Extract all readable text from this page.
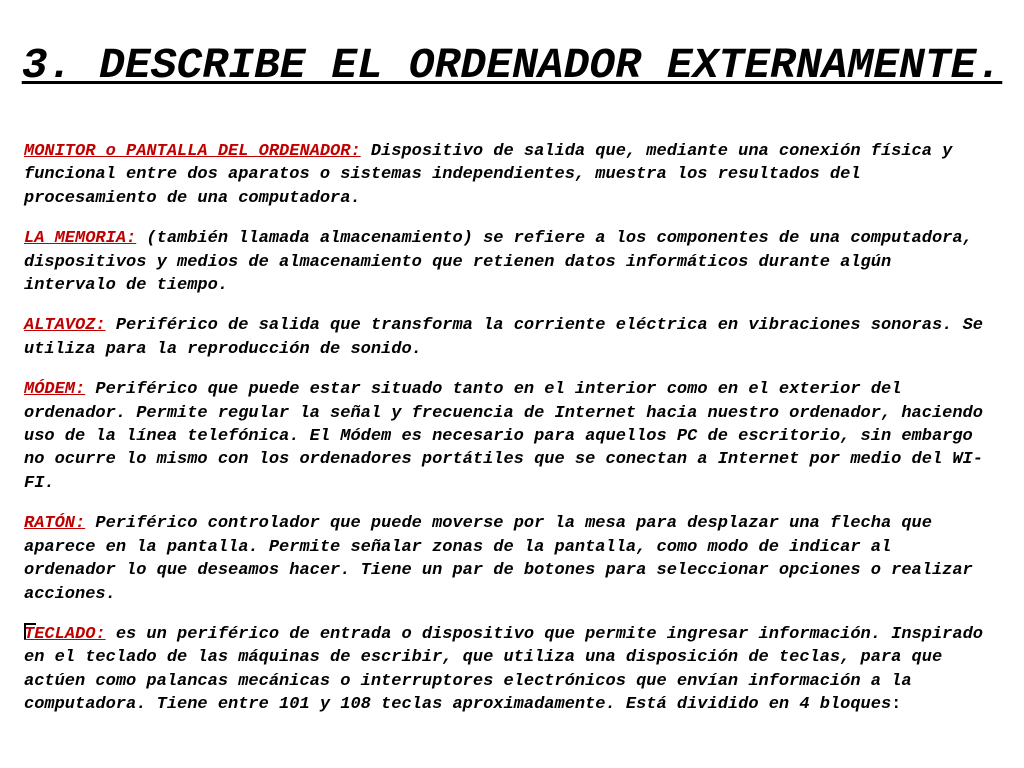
3. DESCRIBE EL ORDENADOR EXTERNAMENTE.

MONITOR o PANTALLA DEL ORDENADOR: Dispositivo de salida que, mediante una conexión física y funcional entre dos aparatos o sistemas independientes, muestra los resultados del procesamiento de una computadora.

LA MEMORIA: (también llamada almacenamiento) se refiere a los componentes de una computadora, dispositivos y medios de almacenamiento que retienen datos informáticos durante algún intervalo de tiempo.

ALTAVOZ: Periférico de salida que transforma la corriente eléctrica en vibraciones sonoras. Se utiliza para la reproducción de sonido.

MÓDEM: Periférico que puede estar situado tanto en el interior como en el exterior del ordenador. Permite regular la señal y frecuencia de Internet hacia nuestro ordenador, haciendo uso de la línea telefónica. El Módem es necesario para aquellos PC de escritorio, sin embargo no ocurre lo mismo con los ordenadores portátiles que se conectan a Internet por medio del WI-FI.

RATÓN: Periférico controlador que puede moverse por la mesa para desplazar una flecha que aparece en la pantalla. Permite señalar zonas de la pantalla, como modo de indicar al ordenador lo que deseamos hacer. Tiene un par de botones para seleccionar opciones o realizar acciones.

TECLADO: es un periférico de entrada o dispositivo que permite ingresar información. Inspirado en el teclado de las máquinas de escribir, que utiliza una disposición de teclas, para que actúen como palancas mecánicas o interruptores electrónicos que envían información a la computadora. Tiene entre 101 y 108 teclas aproximadamente. Está dividido en 4 bloques:
